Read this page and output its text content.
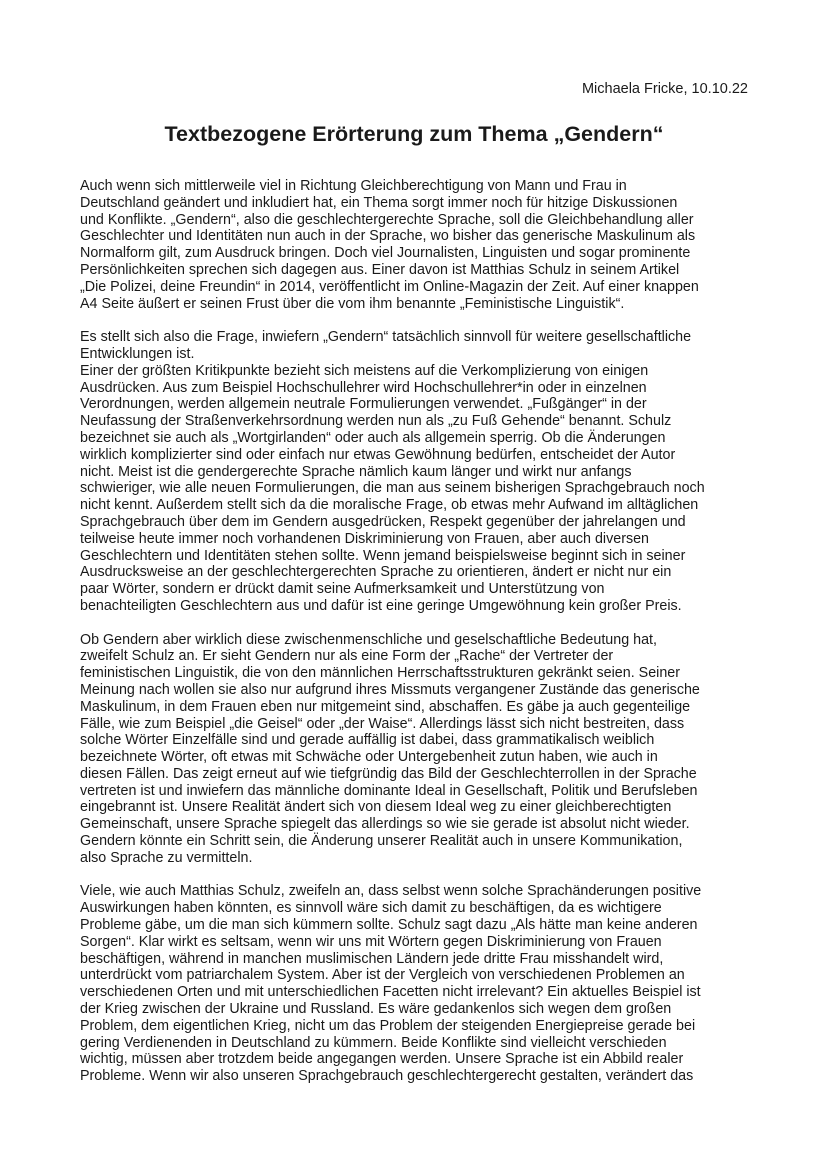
Michaela Fricke, 10.10.22
Textbezogene Erörterung zum Thema „Gendern“

Auch wenn sich mittlerweile viel in Richtung Gleichberechtigung von Mann und Frau in
Deutschland geändert und inkludiert hat, ein Thema sorgt immer noch für hitzige Diskussionen
und Konflikte. „Gendern“, also die geschlechtergerechte Sprache, soll die Gleichbehandlung aller
Geschlechter und Identitäten nun auch in der Sprache, wo bisher das generische Maskulinum als
Normalform gilt, zum Ausdruck bringen. Doch viel Journalisten, Linguisten und sogar prominente
Persönlichkeiten sprechen sich dagegen aus. Einer davon ist Matthias Schulz in seinem Artikel
„Die Polizei, deine Freundin“ in 2014, veröffentlicht im Online-Magazin der Zeit. Auf einer knappen
A4 Seite äußert er seinen Frust über die vom ihm benannte „Feministische Linguistik“.

Es stellt sich also die Frage, inwiefern „Gendern“ tatsächlich sinnvoll für weitere gesellschaftliche
Entwicklungen ist.

Einer der größten Kritikpunkte bezieht sich meistens auf die Verkomplizierung von einigen
Ausdrücken. Aus zum Beispiel Hochschullehrer wird Hochschullehrer*in oder in einzelnen
Verordnungen, werden allgemein neutrale Formulierungen verwendet. „Fußgänger“ in der
Neufassung der Straßenverkehrsordnung werden nun als „zu Fuß Gehende“ benannt. Schulz
bezeichnet sie auch als „Wortgirlanden“ oder auch als allgemein sperrig. Ob die Änderungen
wirklich komplizierter sind oder einfach nur etwas Gewöhnung bedürfen, entscheidet der Autor
nicht. Meist ist die gendergerechte Sprache nämlich kaum länger und wirkt nur anfangs
schwieriger, wie alle neuen Formulierungen, die man aus seinem bisherigen Sprachgebrauch noch
nicht kennt. Außerdem stellt sich da die moralische Frage, ob etwas mehr Aufwand im alltäglichen
Sprachgebrauch über dem im Gendern ausgedrücken, Respekt gegenüber der jahrelangen und
teilweise heute immer noch vorhandenen Diskriminierung von Frauen, aber auch diversen
Geschlechtern und Identitäten stehen sollte. Wenn jemand beispielsweise beginnt sich in seiner
Ausdrucksweise an der geschlechtergerechten Sprache zu orientieren, ändert er nicht nur ein
paar Wörter, sondern er drückt damit seine Aufmerksamkeit und Unterstützung von
benachteiligten Geschlechtern aus und dafür ist eine geringe Umgewöhnung kein großer Preis.

Ob Gendern aber wirklich diese zwischenmenschliche und geselschaftliche Bedeutung hat,
zweifelt Schulz an. Er sieht Gendern nur als eine Form der „Rache“ der Vertreter der
feministischen Linguistik, die von den männlichen Herrschaftsstrukturen gekränkt seien. Seiner
Meinung nach wollen sie also nur aufgrund ihres Missmuts vergangener Zustände das generische
Maskulinum, in dem Frauen eben nur mitgemeint sind, abschaffen. Es gäbe ja auch gegenteilige
Fälle, wie zum Beispiel „die Geisel“ oder „der Waise“. Allerdings lässt sich nicht bestreiten, dass
solche Wörter Einzelfälle sind und gerade auffällig ist dabei, dass grammatikalisch weiblich
bezeichnete Wörter, oft etwas mit Schwäche oder Untergebenheit zutun haben, wie auch in
diesen Fällen. Das zeigt erneut auf wie tiefgründig das Bild der Geschlechterrollen in der Sprache
vertreten ist und inwiefern das männliche dominante Ideal in Gesellschaft, Politik und Berufsleben
eingebrannt ist. Unsere Realität ändert sich von diesem Ideal weg zu einer gleichberechtigten
Gemeinschaft, unsere Sprache spiegelt das allerdings so wie sie gerade ist absolut nicht wieder.
Gendern könnte ein Schritt sein, die Änderung unserer Realität auch in unsere Kommunikation,
also Sprache zu vermitteln.

Viele, wie auch Matthias Schulz, zweifeln an, dass selbst wenn solche Sprachänderungen positive
Auswirkungen haben könnten, es sinnvoll wäre sich damit zu beschäftigen, da es wichtigere
Probleme gäbe, um die man sich kümmern sollte. Schulz sagt dazu „Als hätte man keine anderen
Sorgen“. Klar wirkt es seltsam, wenn wir uns mit Wörtern gegen Diskriminierung von Frauen
beschäftigen, während in manchen muslimischen Ländern jede dritte Frau misshandelt wird,
unterdrückt vom patriarchalem System. Aber ist der Vergleich von verschiedenen Problemen an
verschiedenen Orten und mit unterschiedlichen Facetten nicht irrelevant? Ein aktuelles Beispiel ist
der Krieg zwischen der Ukraine und Russland. Es wäre gedankenlos sich wegen dem großen
Problem, dem eigentlichen Krieg, nicht um das Problem der steigenden Energiepreise gerade bei
gering Verdienenden in Deutschland zu kümmern. Beide Konflikte sind vielleicht verschieden
wichtig, müssen aber trotzdem beide angegangen werden. Unsere Sprache ist ein Abbild realer
Probleme. Wenn wir also unseren Sprachgebrauch geschlechtergerecht gestalten, verändert das
